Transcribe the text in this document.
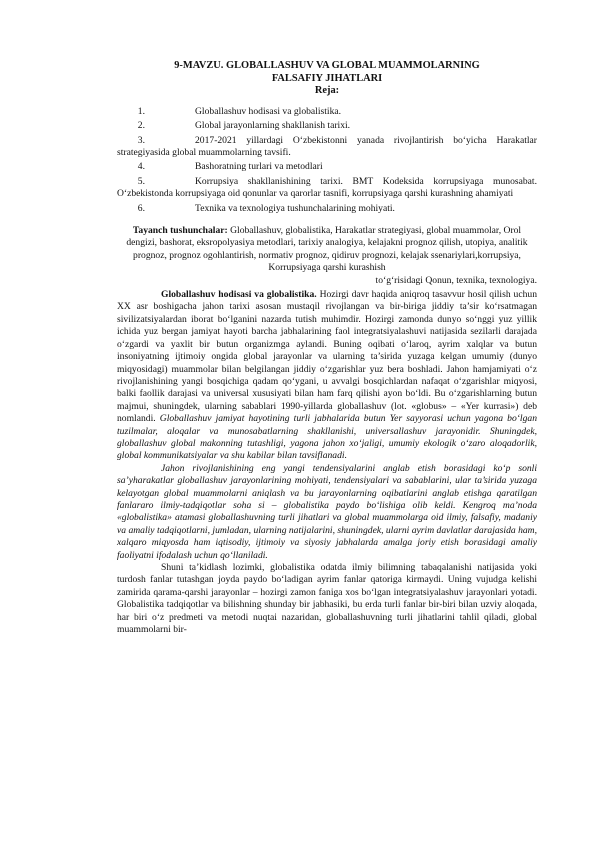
9-MAVZU. GLOBALLASHUV VA GLOBAL MUAMMOLARNING
FALSAFIY JIHATLARI
Reja:
1.	Globallashuv hodisasi va globalistika.
2.	Global jarayonlarning shakllanish tarixi.
3.	2017-2021 yillardagi O‘zbekistonni yanada rivojlantirish bo‘yicha Harakatlar strategiyasida global muammolarning tavsifi.
4.	Bashoratning turlari va metodlari
5.	Korrupsiya shakllanishining tarixi. BMT Kodeksida korrupsiyaga munosabat. O‘zbekistonda korrupsiyaga oid qonunlar va qarorlar tasnifi, korrupsiyaga qarshi kurashning ahamiyati
6.	Texnika va texnologiya tushunchalarining mohiyati.
Tayanch tushunchalar: Globallashuv, globalistika, Harakatlar strategiyasi, global muammolar, Orol dengizi, bashorat, eksropolyasiya metodlari, tarixiy analogiya, kelajakni prognoz qilish, utopiya, analitik prognoz, prognoz ogohlantirish, normativ prognoz, qidiruv prognozi, kelajak ssenariylari,korrupsiya, Korrupsiyaga qarshi kurashish
to‘g‘risidagi Qonun, texnika, texnologiya.

Globallashuv hodisasi va globalistika. Hozirgi davr haqida aniqroq tasavvur hosil qilish uchun XX asr boshigacha jahon tarixi asosan mustaqil rivojlangan va bir-biriga jiddiy ta’sir ko‘rsatmagan sivilizatsiyalardan iborat bo‘lganini nazarda tutish muhimdir. Hozirgi zamonda dunyo so‘nggi yuz yillik ichida yuz bergan jamiyat hayoti barcha jabhalarining faol integratsiyalashuvi natijasida sezilarli darajada o‘zgardi va yaxlit bir butun organizmga aylandi. Buning oqibati o‘laroq, ayrim xalqlar va butun insoniyatning ijtimoiy ongida global jarayonlar va ularning ta’sirida yuzaga kelgan umumiy (dunyo miqyosidagi) muammolar bilan belgilangan jiddiy o‘zgarishlar yuz bera boshladi. Jahon hamjamiyati o‘z rivojlanishining yangi bosqichiga qadam qo‘ygani, u avvalgi bosqichlardan nafaqat o‘zgarishlar miqyosi, balki faollik darajasi va universal xususiyati bilan ham farq qilishi ayon bo‘ldi. Bu o‘zgarishlarning butun majmui, shuningdek, ularning sabablari 1990-yillarda globallashuv (lot. «globus» – «Yer kurrasi») deb nomlandi. Globallashuv jamiyat hayotining turli jabhalarida butun Yer sayyorasi uchun yagona bo‘lgan tuzilmalar, aloqalar va munosabatlarning shakllanishi, universallashuv jarayonidir. Shuningdek, globallashuv global makonning tutashligi, yagona jahon xo‘jaligi, umumiy ekologik o‘zaro aloqadorlik, global kommunikatsiyalar va shu kabilar bilan tavsiflanadi.

Jahon rivojlanishining eng yangi tendensiyalarini anglab etish borasidagi ko‘p sonli sa’yharakatlar globallashuv jarayonlarining mohiyati, tendensiyalari va sabablarini, ular ta’sirida yuzaga kelayotgan global muammolarni aniqlash va bu jarayonlarning oqibatlarini anglab etishga qaratilgan fanlararo ilmiy-tadqiqotlar soha si – globalistika paydo bo‘lishiga olib keldi. Kengroq ma’noda «globalistika» atamasi globallashuvning turli jihatlari va global muammolarga oid ilmiy, falsafiy, madaniy va amaliy tadqiqotlarni, jumladan, ularning natijalarini, shuningdek, ularni ayrim davlatlar darajasida ham, xalqaro miqyosda ham iqtisodiy, ijtimoiy va siyosiy jabhalarda amalga joriy etish borasidagi amaliy faoliyatni ifodalash uchun qo‘llaniladi.

Shuni ta’kidlash lozimki, globalistika odatda ilmiy bilimning tabaqalanishi natijasida yoki turdosh fanlar tutashgan joyda paydo bo‘ladigan ayrim fanlar qatoriga kirmaydi. Uning vujudga kelishi zamirida qarama-qarshi jarayonlar – hozirgi zamon faniga xos bo‘lgan integratsiyalashuv jarayonlari yotadi. Globalistika tadqiqotlar va bilishning shunday bir jabhasiki, bu erda turli fanlar bir-biri bilan uzviy aloqada, har biri o‘z predmeti va metodi nuqtai nazaridan, globallashuvning turli jihatlarini tahlil qiladi, global muammolarni bir-
